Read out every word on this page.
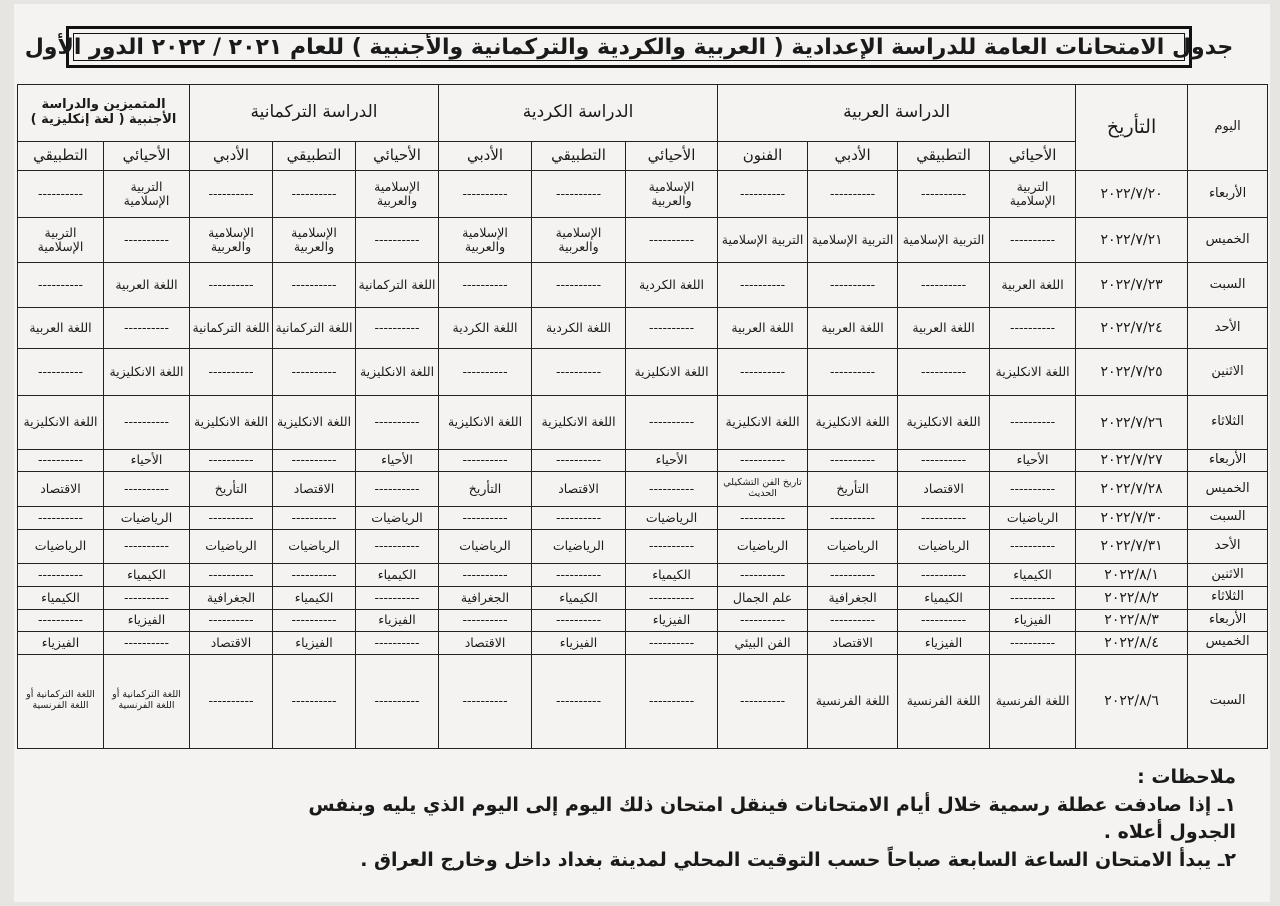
جدول الامتحانات العامة للدراسة الإعدادية ( العربية والكردية والتركمانية والأجنبية ) للعام ٢٠٢١ / ٢٠٢٢ الدور الأول
اليوم	التأريخ	الدراسة العربية				الدراسة الكردية			الدراسة التركمانية			المتميزين والدراسة الأجنبية ( لغة إنكليزية )	
		الأحيائي	التطبيقي	الأدبي	الفنون	الأحيائي	التطبيقي	الأدبي	الأحيائي	التطبيقي	الأدبي	الأحيائي	التطبيقي
الأربعاء	٢٠٢٢/٧/٢٠	التربية الإسلامية	----------	----------	----------	الإسلامية والعربية	----------	----------	الإسلامية والعربية	----------	----------	التربية الإسلامية	----------
الخميس	٢٠٢٢/٧/٢١	----------	التربية الإسلامية	التربية الإسلامية	التربية الإسلامية	----------	الإسلامية والعربية	الإسلامية والعربية	----------	الإسلامية والعربية	الإسلامية والعربية	----------	التربية الإسلامية
السبت	٢٠٢٢/٧/٢٣	اللغة العربية	----------	----------	----------	اللغة الكردية	----------	----------	اللغة التركمانية	----------	----------	اللغة العربية	----------
الأحد	٢٠٢٢/٧/٢٤	----------	اللغة العربية	اللغة العربية	اللغة العربية	----------	اللغة الكردية	اللغة الكردية	----------	اللغة التركمانية	اللغة التركمانية	----------	اللغة العربية
الاثنين	٢٠٢٢/٧/٢٥	اللغة الانكليزية	----------	----------	----------	اللغة الانكليزية	----------	----------	اللغة الانكليزية	----------	----------	اللغة الانكليزية	----------
الثلاثاء	٢٠٢٢/٧/٢٦	----------	اللغة الانكليزية	اللغة الانكليزية	اللغة الانكليزية	----------	اللغة الانكليزية	اللغة الانكليزية	----------	اللغة الانكليزية	اللغة الانكليزية	----------	اللغة الانكليزية
الأربعاء	٢٠٢٢/٧/٢٧	الأحياء	----------	----------	----------	الأحياء	----------	----------	الأحياء	----------	----------	الأحياء	----------
الخميس	٢٠٢٢/٧/٢٨	----------	الاقتصاد	التأريخ	تاريخ الفن التشكيلي الحديث	----------	الاقتصاد	التأريخ	----------	الاقتصاد	التأريخ	----------	الاقتصاد
السبت	٢٠٢٢/٧/٣٠	الرياضيات	----------	----------	----------	الرياضيات	----------	----------	الرياضيات	----------	----------	الرياضيات	----------
الأحد	٢٠٢٢/٧/٣١	----------	الرياضيات	الرياضيات	الرياضيات	----------	الرياضيات	الرياضيات	----------	الرياضيات	الرياضيات	----------	الرياضيات
الاثنين	٢٠٢٢/٨/١	الكيمياء	----------	----------	----------	الكيمياء	----------	----------	الكيمياء	----------	----------	الكيمياء	----------
الثلاثاء	٢٠٢٢/٨/٢	----------	الكيمياء	الجغرافية	علم الجمال	----------	الكيمياء	الجغرافية	----------	الكيمياء	الجغرافية	----------	الكيمياء
الأربعاء	٢٠٢٢/٨/٣	الفيزياء	----------	----------	----------	الفيزياء	----------	----------	الفيزياء	----------	----------	الفيزياء	----------
الخميس	٢٠٢٢/٨/٤	----------	الفيزياء	الاقتصاد	الفن البيئي	----------	الفيزياء	الاقتصاد	----------	الفيزياء	الاقتصاد	----------	الفيزياء
السبت	٢٠٢٢/٨/٦	اللغة الفرنسية	اللغة الفرنسية	اللغة الفرنسية	----------	----------	----------	----------	----------	----------	----------	اللغة التركمانية أو اللغة الفرنسية	اللغة التركمانية أو اللغة الفرنسية
ملاحظات :
١ـ إذا صادفت عطلة رسمية خلال أيام الامتحانات فينقل امتحان ذلك اليوم إلى اليوم الذي يليه وبنفس الجدول أعلاه .
٢ـ يبدأ الامتحان الساعة السابعة صباحاً حسب التوقيت المحلي لمدينة بغداد داخل وخارج العراق .
